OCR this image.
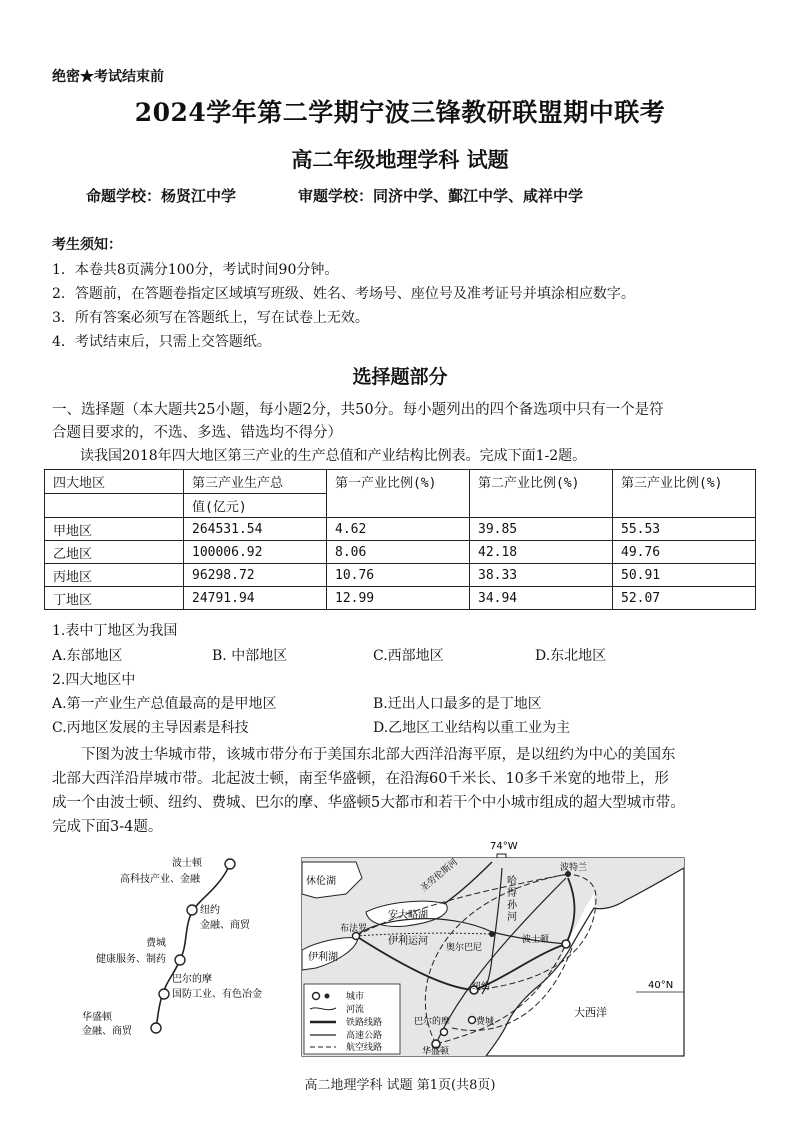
绝密★考试结束前
2024学年第二学期宁波三锋教研联盟期中联考
高二年级地理学科 试题
命题学校：杨贤江中学	审题学校：同济中学、鄞江中学、咸祥中学
考生须知：
1．本卷共8页满分100分，考试时间90分钟。
2．答题前，在答题卷指定区域填写班级、姓名、考场号、座位号及准考证号并填涂相应数字。
3．所有答案必须写在答题纸上，写在试卷上无效。
4．考试结束后，只需上交答题纸。
选择题部分
一、选择题（本大题共25小题，每小题2分，共50分。每小题列出的四个备选项中只有一个是符
合题目要求的，不选、多选、错选均不得分）
读我国2018年四大地区第三产业的生产总值和产业结构比例表。完成下面1-2题。
四大地区	第三产业生产总	第一产业比例(%)	第二产业比例(%)	第三产业比例(%)
	值(亿元)			
甲地区	264531.54	4.62	39.85	55.53
乙地区	100006.92	8.06	42.18	49.76
丙地区	96298.72	10.76	38.33	50.91
丁地区	24791.94	12.99	34.94	52.07
1.表中丁地区为我国
A.东部地区	B. 中部地区	C.西部地区	D.东北地区
2.四大地区中
A.第一产业生产总值最高的是甲地区	B.迁出人口最多的是丁地区
C.丙地区发展的主导因素是科技	D.乙地区工业结构以重工业为主
下图为波士华城市带，该城市带分布于美国东北部大西洋沿海平原，是以纽约为中心的美国东
北部大西洋沿岸城市带。北起波士顿，南至华盛顿，在沿海60千米长、10多千米宽的地带上，形
成一个由波士顿、纽约、费城、巴尔的摩、华盛顿5大都市和若干个中小城市组成的超大型城市带。
完成下面3-4题。
波士顿
高科技产业、金融
纽约
金融、商贸
费城
健康服务、制药
巴尔的摩
国防工业、有色冶金
华盛顿
金融、商贸
74°W
休伦湖
安大略湖
伊利湖
圣劳伦斯河	哈
得
孙
河
伊利运河
40°N
大西洋
波特兰
布法罗
波士顿
奥尔巴尼
纽约
巴尔的摩	费城
华盛顿
城市
河流
铁路线路
高速公路
航空线路
高二地理学科 试题 第1页(共8页)
